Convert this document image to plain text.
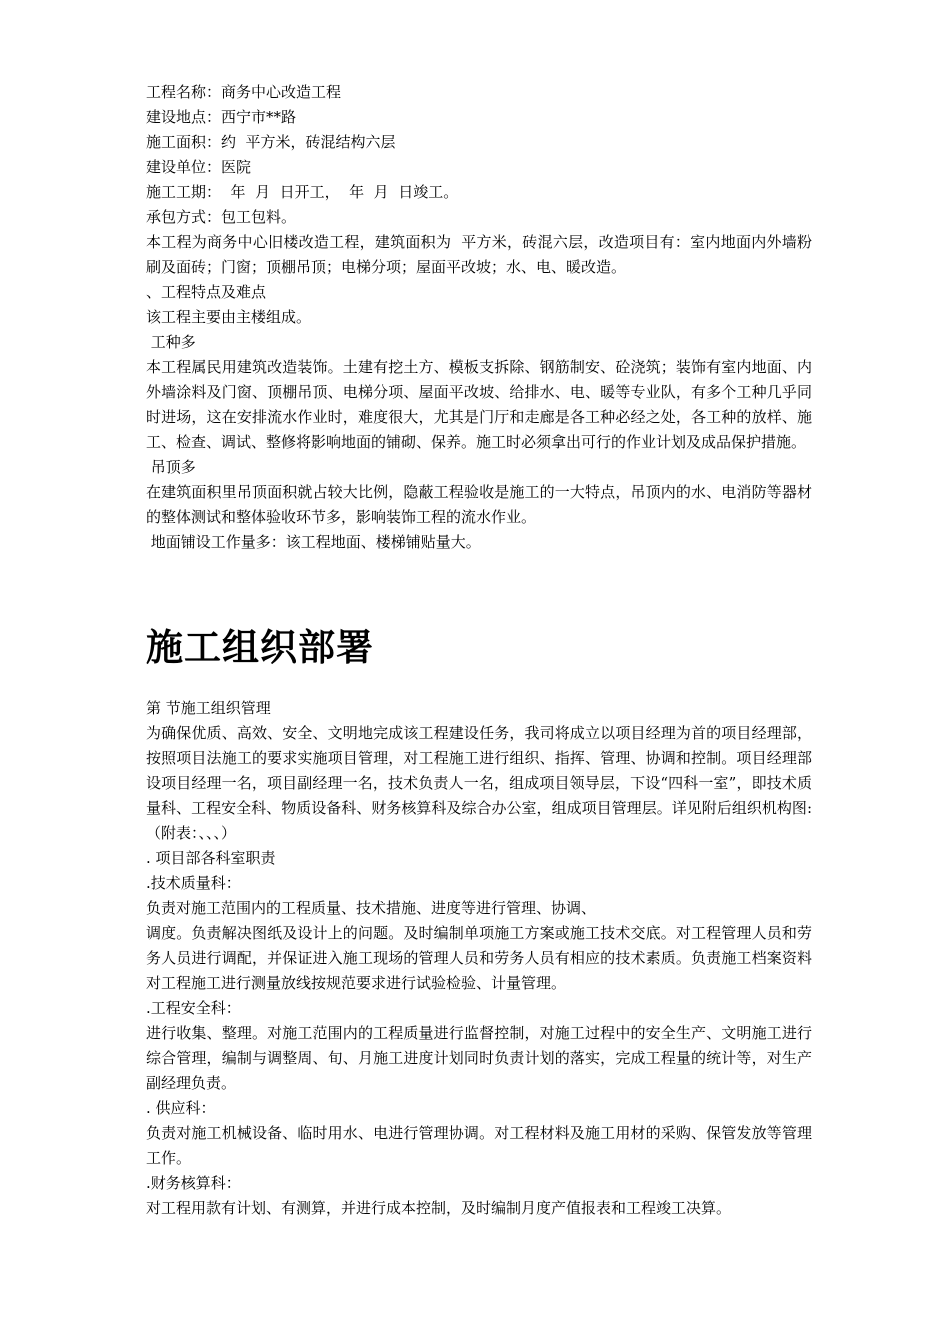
工程名称：商务中心改造工程

建设地点：西宁市**路

施工面积：约  平方米，砖混结构六层

建设单位：医院

施工工期：  年  月  日开工，  年  月  日竣工。

承包方式：包工包料。

本工程为商务中心旧楼改造工程，建筑面积为  平方米，砖混六层，改造项目有：室内地面内外墙粉刷及面砖；门窗；顶棚吊顶；电梯分项；屋面平改坡；水、电、暖改造。

、工程特点及难点

该工程主要由主楼组成。

工种多

本工程属民用建筑改造装饰。土建有挖土方、模板支拆除、钢筋制安、砼浇筑；装饰有室内地面、内外墙涂料及门窗、顶棚吊顶、电梯分项、屋面平改坡、给排水、电、暖等专业队，有多个工种几乎同时进场，这在安排流水作业时，难度很大，尤其是门厅和走廊是各工种必经之处，各工种的放样、施工、检查、调试、整修将影响地面的铺砌、保养。施工时必须拿出可行的作业计划及成品保护措施。

吊顶多

在建筑面积里吊顶面积就占较大比例，隐蔽工程验收是施工的一大特点，吊顶内的水、电消防等器材的整体测试和整体验收环节多，影响装饰工程的流水作业。

地面铺设工作量多：该工程地面、楼梯铺贴量大。

施工组织部署

第 节施工组织管理

为确保优质、高效、安全、文明地完成该工程建设任务，我司将成立以项目经理为首的项目经理部，按照项目法施工的要求实施项目管理，对工程施工进行组织、指挥、管理、协调和控制。项目经理部设项目经理一名，项目副经理一名，技术负责人一名，组成项目领导层，下设“四科一室”，即技术质量科、工程安全科、物质设备科、财务核算科及综合办公室，组成项目管理层。详见附后组织机构图:（附表：、、、）

. 项目部各科室职责

.技术质量科：

负责对施工范围内的工程质量、技术措施、进度等进行管理、协调、

调度。负责解决图纸及设计上的问题。及时编制单项施工方案或施工技术交底。对工程管理人员和劳务人员进行调配，并保证进入施工现场的管理人员和劳务人员有相应的技术素质。负责施工档案资料对工程施工进行测量放线按规范要求进行试验检验、计量管理。

.工程安全科：

进行收集、整理。对施工范围内的工程质量进行监督控制，对施工过程中的安全生产、文明施工进行综合管理，编制与调整周、旬、月施工进度计划同时负责计划的落实，完成工程量的统计等，对生产副经理负责。

. 供应科：

负责对施工机械设备、临时用水、电进行管理协调。对工程材料及施工用材的采购、保管发放等管理工作。

.财务核算科：

对工程用款有计划、有测算，并进行成本控制，及时编制月度产值报表和工程竣工决算。
